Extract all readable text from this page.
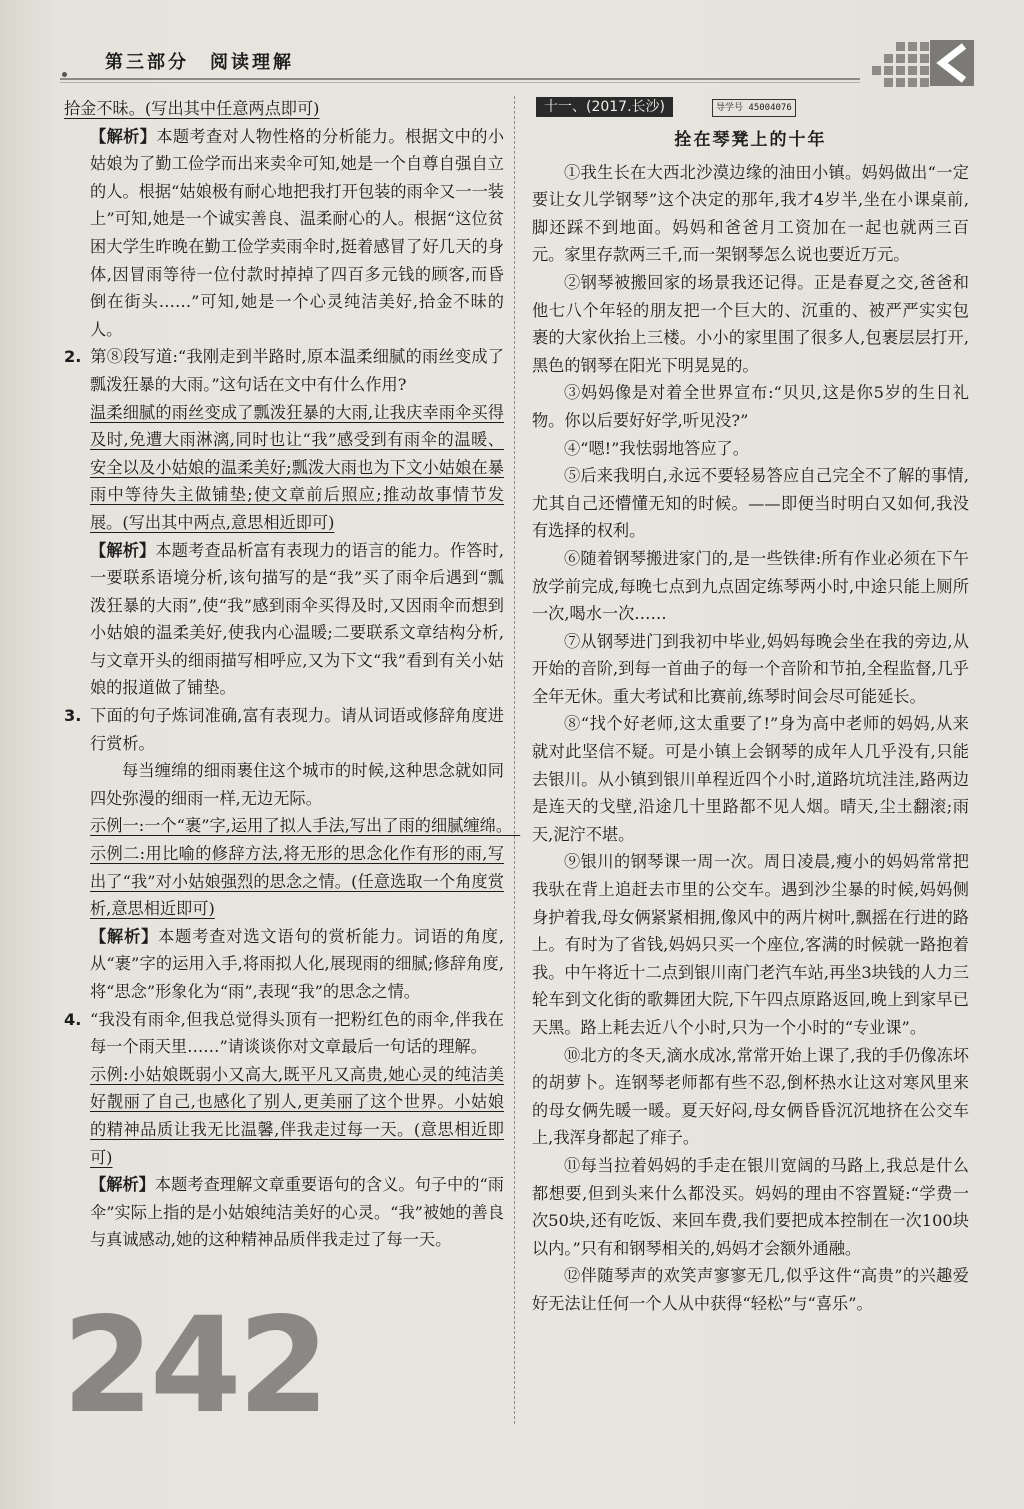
第三部分　阅读理解

拾金不昧。(写出其中任意两点即可)

【解析】本题考查对人物性格的分析能力。根据文中的小姑娘为了勤工俭学而出来卖伞可知,她是一个自尊自强自立的人。根据“姑娘极有耐心地把我打开包装的雨伞又一一装上”可知,她是一个诚实善良、温柔耐心的人。根据“这位贫困大学生昨晚在勤工俭学卖雨伞时,挺着感冒了好几天的身体,因冒雨等待一位付款时掉掉了四百多元钱的顾客,而昏倒在街头……”可知,她是一个心灵纯洁美好,拾金不昧的人。

2. 第⑧段写道:“我刚走到半路时,原本温柔细腻的雨丝变成了瓢泼狂暴的大雨。”这句话在文中有什么作用?

温柔细腻的雨丝变成了瓢泼狂暴的大雨,让我庆幸雨伞买得及时,免遭大雨淋漓,同时也让“我”感受到有雨伞的温暖、安全以及小姑娘的温柔美好;瓢泼大雨也为下文小姑娘在暴雨中等待失主做铺垫;使文章前后照应;推动故事情节发展。(写出其中两点,意思相近即可)

【解析】本题考查品析富有表现力的语言的能力。作答时,一要联系语境分析,该句描写的是“我”买了雨伞后遇到“瓢泼狂暴的大雨”,使“我”感到雨伞买得及时,又因雨伞而想到小姑娘的温柔美好,使我内心温暖;二要联系文章结构分析,与文章开头的细雨描写相呼应,又为下文“我”看到有关小姑娘的报道做了铺垫。

3. 下面的句子炼词准确,富有表现力。请从词语或修辞角度进行赏析。

每当缠绵的细雨裹住这个城市的时候,这种思念就如同四处弥漫的细雨一样,无边无际。

示例一:一个“裹”字,运用了拟人手法,写出了雨的细腻缠绵。　示例二:用比喻的修辞方法,将无形的思念化作有形的雨,写出了“我”对小姑娘强烈的思念之情。(任意选取一个角度赏析,意思相近即可)

【解析】本题考查对选文语句的赏析能力。词语的角度,从“裹”字的运用入手,将雨拟人化,展现雨的细腻;修辞角度,将“思念”形象化为“雨”,表现“我”的思念之情。

4. “我没有雨伞,但我总觉得头顶有一把粉红色的雨伞,伴我在每一个雨天里……”请谈谈你对文章最后一句话的理解。

示例:小姑娘既弱小又高大,既平凡又高贵,她心灵的纯洁美好靓丽了自己,也感化了别人,更美丽了这个世界。小姑娘的精神品质让我无比温馨,伴我走过每一天。(意思相近即可)

【解析】本题考查理解文章重要语句的含义。句子中的“雨伞”实际上指的是小姑娘纯洁美好的心灵。“我”被她的善良与真诚感动,她的这种精神品质伴我走过了每一天。

十一、(2017.长沙)	导学号 45004076
拴在琴凳上的十年

①我生长在大西北沙漠边缘的油田小镇。妈妈做出“一定要让女儿学钢琴”这个决定的那年,我才4岁半,坐在小课桌前,脚还踩不到地面。妈妈和爸爸月工资加在一起也就两三百元。家里存款两三千,而一架钢琴怎么说也要近万元。

②钢琴被搬回家的场景我还记得。正是春夏之交,爸爸和他七八个年轻的朋友把一个巨大的、沉重的、被严严实实包裹的大家伙抬上三楼。小小的家里围了很多人,包裹层层打开,黑色的钢琴在阳光下明晃晃的。

③妈妈像是对着全世界宣布:“贝贝,这是你5岁的生日礼物。你以后要好好学,听见没?”

④“嗯!”我怯弱地答应了。

⑤后来我明白,永远不要轻易答应自己完全不了解的事情,尤其自己还懵懂无知的时候。——即便当时明白又如何,我没有选择的权利。

⑥随着钢琴搬进家门的,是一些铁律:所有作业必须在下午放学前完成,每晚七点到九点固定练琴两小时,中途只能上厕所一次,喝水一次……

⑦从钢琴进门到我初中毕业,妈妈每晚会坐在我的旁边,从开始的音阶,到每一首曲子的每一个音阶和节拍,全程监督,几乎全年无休。重大考试和比赛前,练琴时间会尽可能延长。

⑧“找个好老师,这太重要了!”身为高中老师的妈妈,从来就对此坚信不疑。可是小镇上会钢琴的成年人几乎没有,只能去银川。从小镇到银川单程近四个小时,道路坑坑洼洼,路两边是连天的戈壁,沿途几十里路都不见人烟。晴天,尘土翻滚;雨天,泥泞不堪。

⑨银川的钢琴课一周一次。周日凌晨,瘦小的妈妈常常把我驮在背上追赶去市里的公交车。遇到沙尘暴的时候,妈妈侧身护着我,母女俩紧紧相拥,像风中的两片树叶,飘摇在行进的路上。有时为了省钱,妈妈只买一个座位,客满的时候就一路抱着我。中午将近十二点到银川南门老汽车站,再坐3块钱的人力三轮车到文化街的歌舞团大院,下午四点原路返回,晚上到家早已天黑。路上耗去近八个小时,只为一个小时的“专业课”。

⑩北方的冬天,滴水成冰,常常开始上课了,我的手仍像冻坏的胡萝卜。连钢琴老师都有些不忍,倒杯热水让这对寒风里来的母女俩先暖一暖。夏天好闷,母女俩昏昏沉沉地挤在公交车上,我浑身都起了痱子。

⑪每当拉着妈妈的手走在银川宽阔的马路上,我总是什么都想要,但到头来什么都没买。妈妈的理由不容置疑:“学费一次50块,还有吃饭、来回车费,我们要把成本控制在一次100块以内。”只有和钢琴相关的,妈妈才会额外通融。

⑫伴随琴声的欢笑声寥寥无几,似乎这件“高贵”的兴趣爱好无法让任何一个人从中获得“轻松”与“喜乐”。

242
